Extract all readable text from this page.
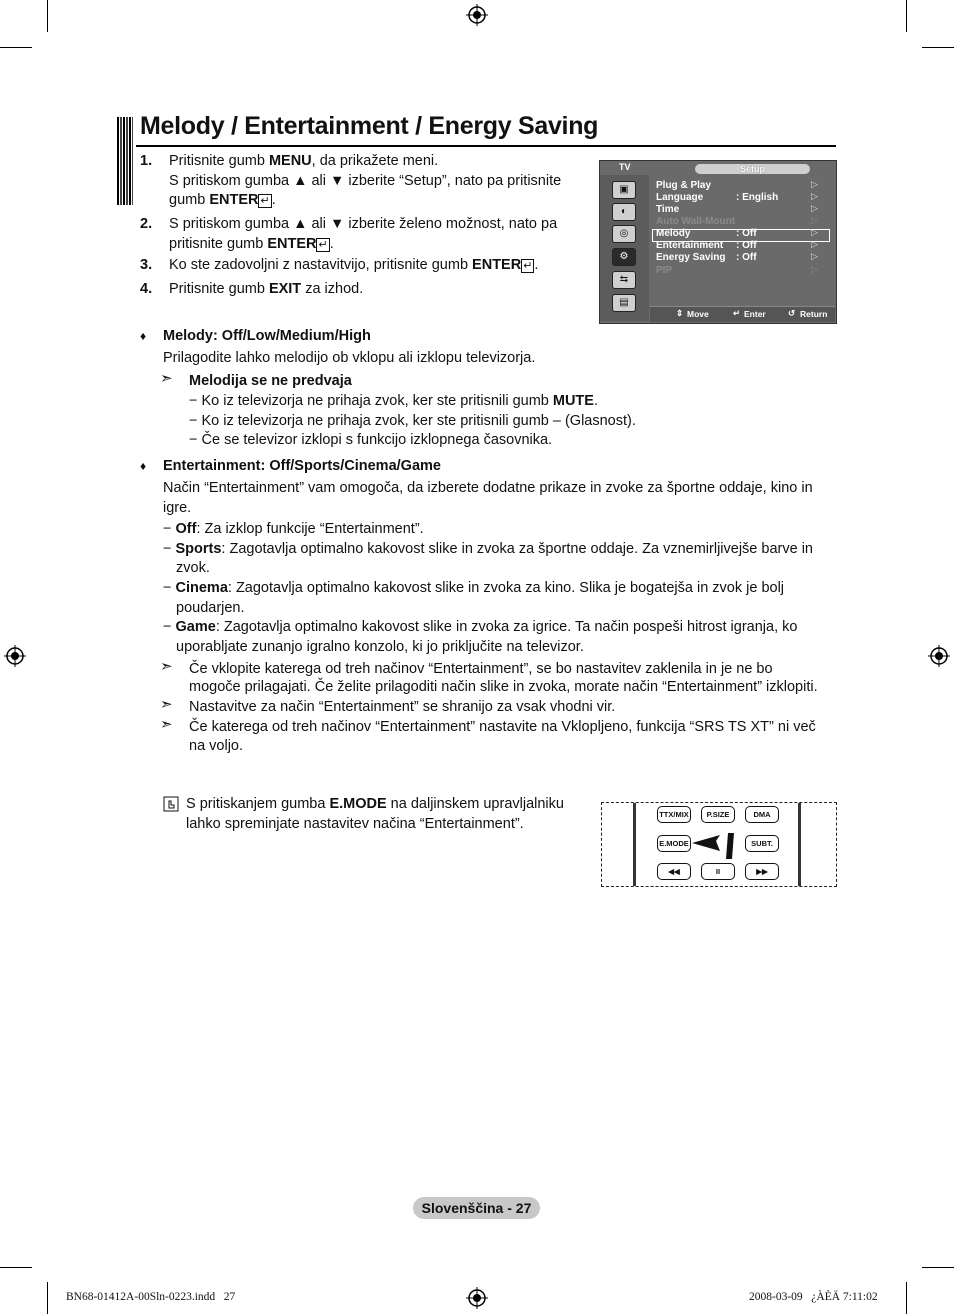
Melody / Entertainment / Energy Saving
1. Pritisnite gumb MENU, da prikažete meni.
S pritiskom gumba ▲ ali ▼ izberite “Setup”, nato pa pritisnite
gumb ENTER ↵ .
2. S pritiskom gumba ▲ ali ▼ izberite želeno možnost, nato pa
pritisnite gumb ENTER ↵ .
3. Ko ste zadovoljni z nastavitvijo, pritisnite gumb ENTER ↵ .
4. Pritisnite gumb EXIT za izhod.
TV	Setup
▣
◐
◎
⚙
⇆
▤
Plug & Play	▷
Language	: English	▷
Time	▷
Auto Wall-Mount	▷
Melody	: Off	▷
Entertainment : Off	▷
Energy Saving : Off	▷
PIP	▷
⇕ Move	↵ Enter	↺ Return
♦ Melody: Off/Low/Medium/High
Prilagodite lahko melodijo ob vklopu ali izklopu televizorja.
➣ Melodija se ne predvaja
− Ko iz televizorja ne prihaja zvok, ker ste pritisnili gumb MUTE.
− Ko iz televizorja ne prihaja zvok, ker ste pritisnili gumb – (Glasnost).
− Če se televizor izklopi s funkcijo izklopnega časovnika.
♦ Entertainment: Off/Sports/Cinema/Game
Način “Entertainment” vam omogoča, da izberete dodatne prikaze in zvoke za športne oddaje, kino in
igre.
− Off: Za izklop funkcije “Entertainment”.
− Sports: Zagotavlja optimalno kakovost slike in zvoka za športne oddaje. Za vznemirljivejše barve in
zvok.
− Cinema: Zagotavlja optimalno kakovost slike in zvoka za kino. Slika je bogatejša in zvok je bolj
poudarjen.
− Game: Zagotavlja optimalno kakovost slike in zvoka za igrice. Ta način pospeši hitrost igranja, ko
uporabljate zunanjo igralno konzolo, ki jo priključite na televizor.
➣ Če vklopite katerega od treh načinov “Entertainment”, se bo nastavitev zaklenila in je ne bo
mogoče prilagajati. Če želite prilagoditi način slike in zvoka, morate način “Entertainment” izklopiti.
➣ Nastavitve za način “Entertainment” se shranijo za vsak vhodni vir.
➣ Če katerega od treh načinov “Entertainment” nastavite na Vklopljeno, funkcija “SRS TS XT” ni več
na voljo.
S pritiskanjem gumba E.MODE na daljinskem upravljalniku
lahko spreminjate nastavitev načina “Entertainment”.
TTX/MIX	P.SIZE	DMA
E.MODE	SUBT.
◀◀	II	▶▶
Slovenščina - 27
BN68-01412A-00Sln-0223.indd   27	2008-03-09   ¿ÀÈÄ 7:11:02
